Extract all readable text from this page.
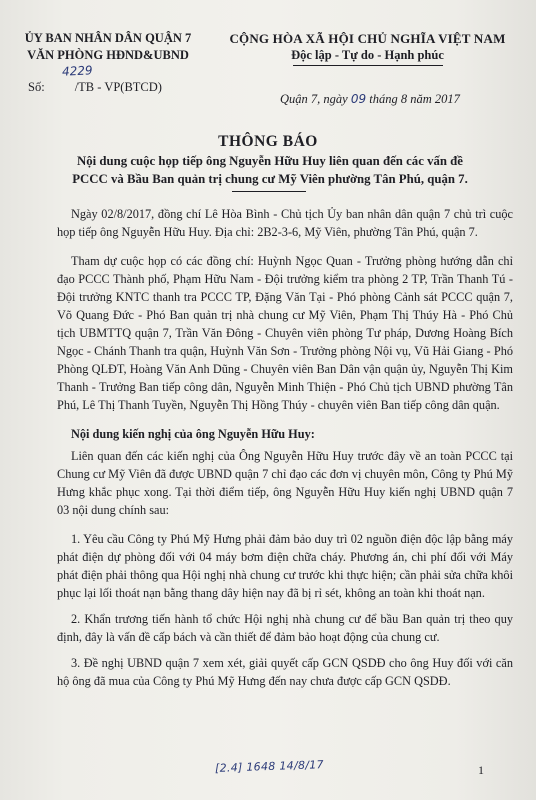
ỦY BAN NHÂN DÂN QUẬN 7
VĂN PHÒNG HĐND&UBND
CỘNG HÒA XÃ HỘI CHỦ NGHĨA VIỆT NAM
Độc lập - Tự do - Hạnh phúc
4229
Số: /TB - VP(BTCD)
Quận 7, ngày 09 tháng 8 năm 2017
THÔNG BÁO
Nội dung cuộc họp tiếp ông Nguyễn Hữu Huy liên quan đến các vấn đề
PCCC và Bầu Ban quản trị chung cư Mỹ Viên phường Tân Phú, quận 7.

Ngày 02/8/2017, đồng chí Lê Hòa Bình - Chủ tịch Ủy ban nhân dân quận 7 chủ trì cuộc họp tiếp ông Nguyễn Hữu Huy. Địa chỉ: 2B2-3-6, Mỹ Viên, phường Tân Phú, quận 7.

Tham dự cuộc họp có các đồng chí: Huỳnh Ngọc Quan - Trưởng phòng hướng dẫn chỉ đạo PCCC Thành phố, Phạm Hữu Nam - Đội trưởng kiểm tra phòng 2 TP, Trần Thanh Tú - Đội trưởng KNTC thanh tra PCCC TP, Đặng Văn Tại - Phó phòng Cảnh sát PCCC quận 7, Võ Quang Đức - Phó Ban quản trị nhà chung cư Mỹ Viên, Phạm Thị Thúy Hà - Phó Chủ tịch UBMTTQ quận 7, Trần Văn Đông - Chuyên viên phòng Tư pháp, Dương Hoàng Bích Ngọc - Chánh Thanh tra quận, Huỳnh Văn Sơn - Trưởng phòng Nội vụ, Vũ Hải Giang - Phó Phòng QLĐT, Hoàng Văn Anh Dũng - Chuyên viên Ban Dân vận quận ủy, Nguyễn Thị Kim Thanh - Trưởng Ban tiếp công dân, Nguyễn Minh Thiện - Phó Chủ tịch UBND phường Tân Phú, Lê Thị Thanh Tuyền, Nguyễn Thị Hồng Thúy - chuyên viên Ban tiếp công dân quận.

Nội dung kiến nghị của ông Nguyễn Hữu Huy:

Liên quan đến các kiến nghị của Ông Nguyễn Hữu Huy trước đây về an toàn PCCC tại Chung cư Mỹ Viên đã được UBND quận 7 chỉ đạo các đơn vị chuyên môn, Công ty Phú Mỹ Hưng khắc phục xong. Tại thời điểm tiếp, ông Nguyễn Hữu Huy kiến nghị UBND quận 7 03 nội dung chính sau:

1. Yêu cầu Công ty Phú Mỹ Hưng phải đảm bảo duy trì 02 nguồn điện độc lập bằng máy phát điện dự phòng đối với 04 máy bơm điện chữa cháy. Phương án, chi phí đối với Máy phát điện phải thông qua Hội nghị nhà chung cư trước khi thực hiện; cần phải sửa chữa khôi phục lại lối thoát nạn bằng thang dây hiện nay đã bị rỉ sét, không an toàn khi thoát nạn.

2. Khẩn trương tiến hành tổ chức Hội nghị nhà chung cư để bầu Ban quản trị theo quy định, đây là vấn đề cấp bách và cần thiết để đảm bảo hoạt động của chung cư.

3. Đề nghị UBND quận 7 xem xét, giải quyết cấp GCN QSDĐ cho ông Huy đối với căn hộ ông đã mua của Công ty Phú Mỹ Hưng đến nay chưa được cấp GCN QSDĐ.

[2.4] 1648 14/8/17	1
